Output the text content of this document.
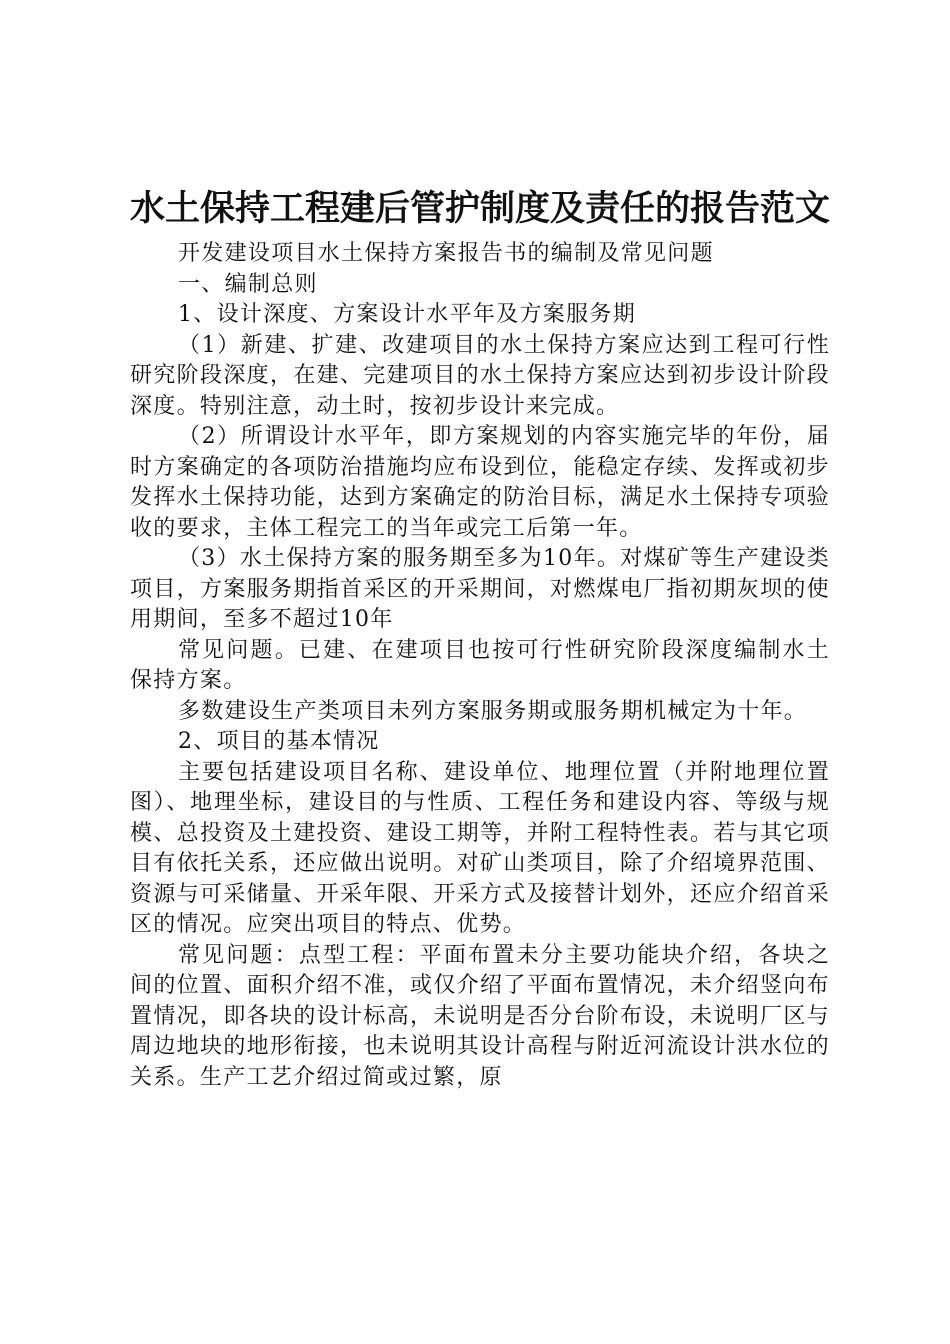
水土保持工程建后管护制度及责任的报告范文

开发建设项目水土保持方案报告书的编制及常见问题

一、编制总则

1、设计深度、方案设计水平年及方案服务期

（1）新建、扩建、改建项目的水土保持方案应达到工程可行性研究阶段深度，在建、完建项目的水土保持方案应达到初步设计阶段深度。特别注意，动土时，按初步设计来完成。

（2）所谓设计水平年，即方案规划的内容实施完毕的年份，届时方案确定的各项防治措施均应布设到位，能稳定存续、发挥或初步发挥水土保持功能，达到方案确定的防治目标，满足水土保持专项验收的要求，主体工程完工的当年或完工后第一年。

（3）水土保持方案的服务期至多为10年。对煤矿等生产建设类项目，方案服务期指首采区的开采期间，对燃煤电厂指初期灰坝的使用期间，至多不超过10年

常见问题。已建、在建项目也按可行性研究阶段深度编制水土保持方案。

多数建设生产类项目未列方案服务期或服务期机械定为十年。

2、项目的基本情况

主要包括建设项目名称、建设单位、地理位置（并附地理位置图）、地理坐标，建设目的与性质、工程任务和建设内容、等级与规模、总投资及土建投资、建设工期等，并附工程特性表。若与其它项目有依托关系，还应做出说明。对矿山类项目，除了介绍境界范围、资源与可采储量、开采年限、开采方式及接替计划外，还应介绍首采区的情况。应突出项目的特点、优势。

常见问题：点型工程：平面布置未分主要功能块介绍，各块之间的位置、面积介绍不准，或仅介绍了平面布置情况，未介绍竖向布置情况，即各块的设计标高，未说明是否分台阶布设，未说明厂区与周边地块的地形衔接，也未说明其设计高程与附近河流设计洪水位的关系。生产工艺介绍过简或过繁，原
